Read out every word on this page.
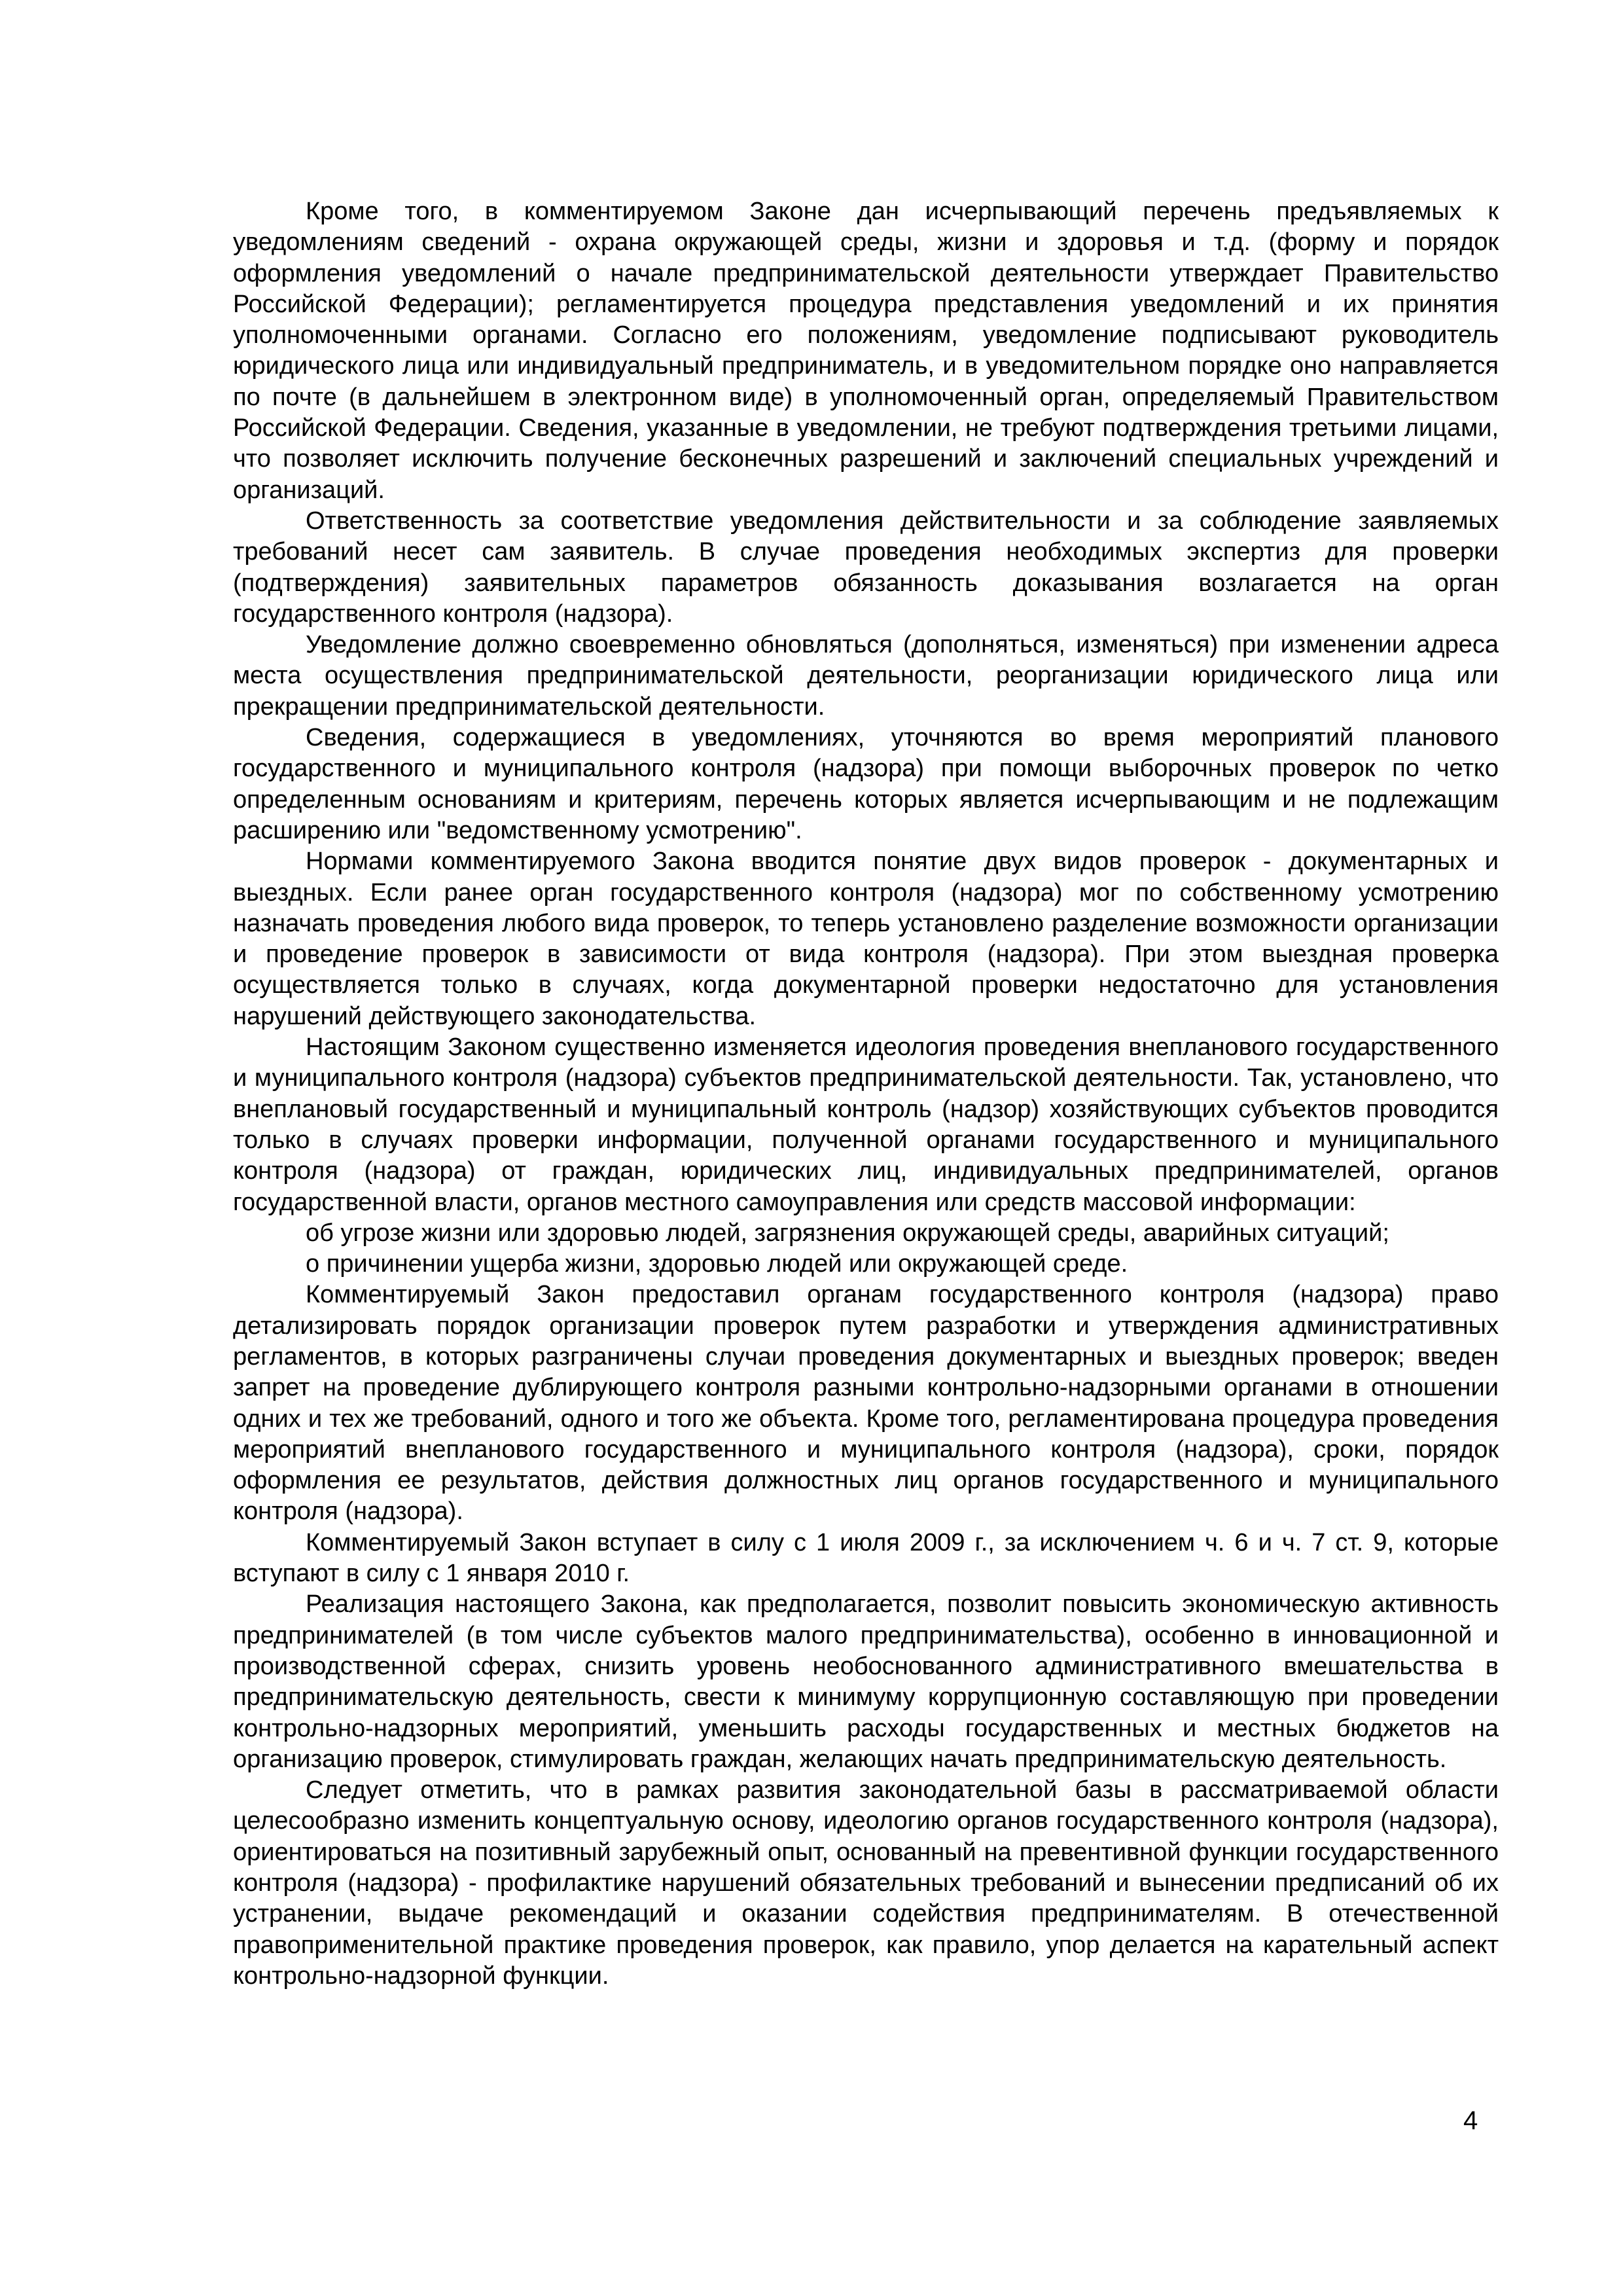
Кроме того, в комментируемом Законе дан исчерпывающий перечень предъявляемых к уведомлениям сведений - охрана окружающей среды, жизни и здоровья и т.д. (форму и порядок оформления уведомлений о начале предпринимательской деятельности утверждает Правительство Российской Федерации); регламентируется процедура представления уведомлений и их принятия уполномоченными органами. Согласно его положениям, уведомление подписывают руководитель юридического лица или индивидуальный предприниматель, и в уведомительном порядке оно направляется по почте (в дальнейшем в электронном виде) в уполномоченный орган, определяемый Правительством Российской Федерации. Сведения, указанные в уведомлении, не требуют подтверждения третьими лицами, что позволяет исключить получение бесконечных разрешений и заключений специальных учреждений и организаций.

Ответственность за соответствие уведомления действительности и за соблюдение заявляемых требований несет сам заявитель. В случае проведения необходимых экспертиз для проверки (подтверждения) заявительных параметров обязанность доказывания возлагается на орган государственного контроля (надзора).

Уведомление должно своевременно обновляться (дополняться, изменяться) при изменении адреса места осуществления предпринимательской деятельности, реорганизации юридического лица или прекращении предпринимательской деятельности.

Сведения, содержащиеся в уведомлениях, уточняются во время мероприятий планового государственного и муниципального контроля (надзора) при помощи выборочных проверок по четко определенным основаниям и критериям, перечень которых является исчерпывающим и не подлежащим расширению или "ведомственному усмотрению".

Нормами комментируемого Закона вводится понятие двух видов проверок - документарных и выездных. Если ранее орган государственного контроля (надзора) мог по собственному усмотрению назначать проведения любого вида проверок, то теперь установлено разделение возможности организации и проведение проверок в зависимости от вида контроля (надзора). При этом выездная проверка осуществляется только в случаях, когда документарной проверки недостаточно для установления нарушений действующего законодательства.

Настоящим Законом существенно изменяется идеология проведения внепланового государственного и муниципального контроля (надзора) субъектов предпринимательской деятельности. Так, установлено, что внеплановый государственный и муниципальный контроль (надзор) хозяйствующих субъектов проводится только в случаях проверки информации, полученной органами государственного и муниципального контроля (надзора) от граждан, юридических лиц, индивидуальных предпринимателей, органов государственной власти, органов местного самоуправления или средств массовой информации:

об угрозе жизни или здоровью людей, загрязнения окружающей среды, аварийных ситуаций;

о причинении ущерба жизни, здоровью людей или окружающей среде.

Комментируемый Закон предоставил органам государственного контроля (надзора) право детализировать порядок организации проверок путем разработки и утверждения административных регламентов, в которых разграничены случаи проведения документарных и выездных проверок; введен запрет на проведение дублирующего контроля разными контрольно-надзорными органами в отношении одних и тех же требований, одного и того же объекта. Кроме того, регламентирована процедура проведения мероприятий внепланового государственного и муниципального контроля (надзора), сроки, порядок оформления ее результатов, действия должностных лиц органов государственного и муниципального контроля (надзора).

Комментируемый Закон вступает в силу с 1 июля 2009 г., за исключением ч. 6 и ч. 7 ст. 9, которые вступают в силу с 1 января 2010 г.

Реализация настоящего Закона, как предполагается, позволит повысить экономическую активность предпринимателей (в том числе субъектов малого предпринимательства), особенно в инновационной и производственной сферах, снизить уровень необоснованного административного вмешательства в предпринимательскую деятельность, свести к минимуму коррупционную составляющую при проведении контрольно-надзорных мероприятий, уменьшить расходы государственных и местных бюджетов на организацию проверок, стимулировать граждан, желающих начать предпринимательскую деятельность.

Следует отметить, что в рамках развития законодательной базы в рассматриваемой области целесообразно изменить концептуальную основу, идеологию органов государственного контроля (надзора), ориентироваться на позитивный зарубежный опыт, основанный на превентивной функции государственного контроля (надзора) - профилактике нарушений обязательных требований и вынесении предписаний об их устранении, выдаче рекомендаций и оказании содействия предпринимателям. В отечественной правоприменительной практике проведения проверок, как правило, упор делается на карательный аспект контрольно-надзорной функции.

4
